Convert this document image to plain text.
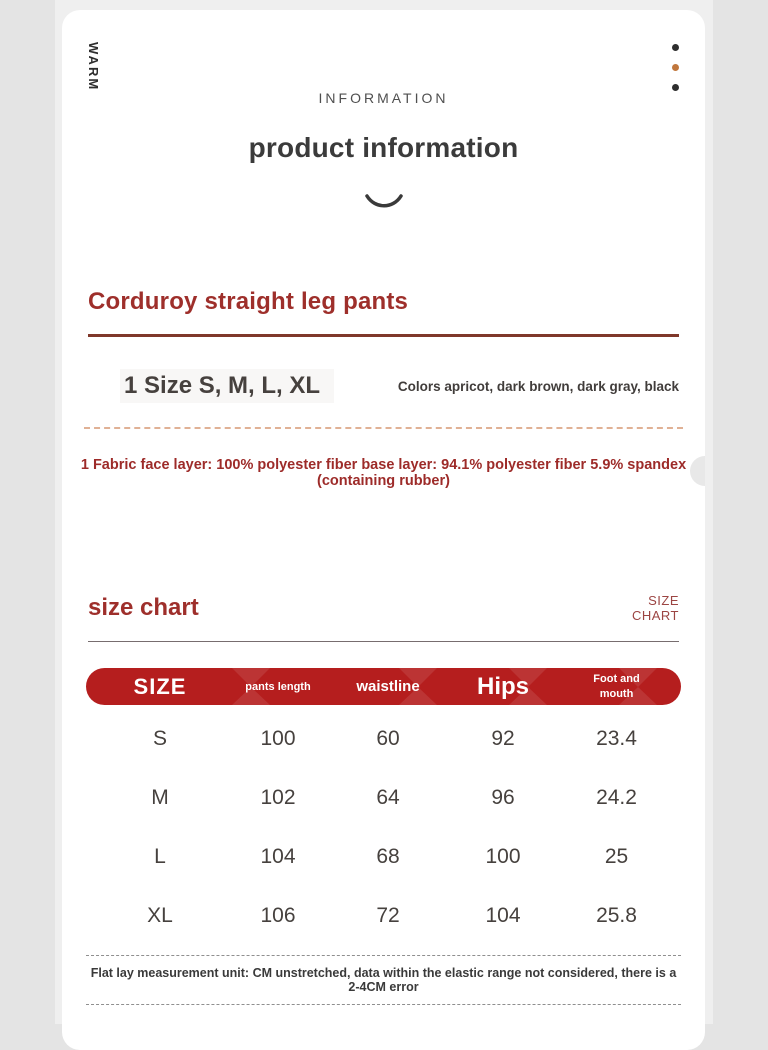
WARM
INFORMATION
product information
Corduroy straight leg pants
1 Size S, M, L, XL	Colors apricot, dark brown, dark gray, black
1 Fabric face layer: 100% polyester fiber base layer: 94.1% polyester fiber 5.9% spandex (containing rubber)
size chart	SIZE
CHART
SIZE	pants length	waistline	Hips	Foot and mouth
S	100	60	92	23.4
M	102	64	96	24.2
L	104	68	100	25
XL	106	72	104	25.8
Flat lay measurement unit: CM unstretched, data within the elastic range not considered, there is a 2-4CM error
